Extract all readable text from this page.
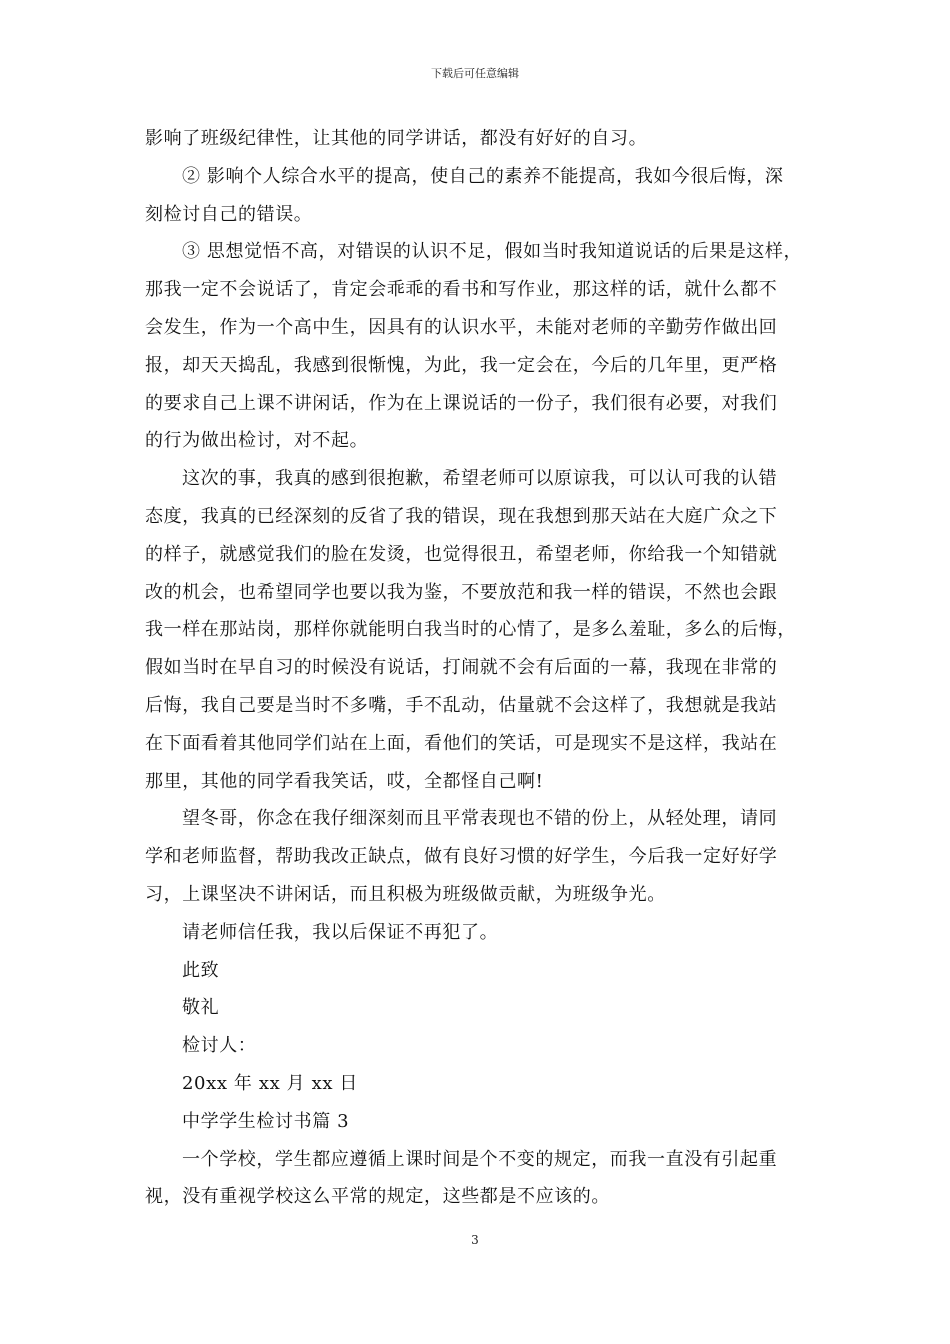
下载后可任意编辑

影响了班级纪律性，让其他的同学讲话，都没有好好的自习。

② 影响个人综合水平的提高，使自己的素养不能提高，我如今很后悔，深

刻检讨自己的错误。

③ 思想觉悟不高，对错误的认识不足，假如当时我知道说话的后果是这样，

那我一定不会说话了，肯定会乖乖的看书和写作业，那这样的话，就什么都不

会发生，作为一个高中生，因具有的认识水平，未能对老师的辛勤劳作做出回

报，却天天捣乱，我感到很惭愧，为此，我一定会在，今后的几年里，更严格

的要求自己上课不讲闲话，作为在上课说话的一份子，我们很有必要，对我们

的行为做出检讨，对不起。

这次的事，我真的感到很抱歉，希望老师可以原谅我，可以认可我的认错

态度，我真的已经深刻的反省了我的错误，现在我想到那天站在大庭广众之下

的样子，就感觉我们的脸在发烫，也觉得很丑，希望老师，你给我一个知错就

改的机会，也希望同学也要以我为鉴，不要放范和我一样的错误，不然也会跟

我一样在那站岗，那样你就能明白我当时的心情了，是多么羞耻，多么的后悔，

假如当时在早自习的时候没有说话，打闹就不会有后面的一幕，我现在非常的

后悔，我自己要是当时不多嘴，手不乱动，估量就不会这样了，我想就是我站

在下面看着其他同学们站在上面，看他们的笑话，可是现实不是这样，我站在

那里，其他的同学看我笑话，哎，全都怪自己啊!

望冬哥，你念在我仔细深刻而且平常表现也不错的份上，从轻处理，请同

学和老师监督，帮助我改正缺点，做有良好习惯的好学生，今后我一定好好学

习，上课坚决不讲闲话，而且积极为班级做贡献，为班级争光。

请老师信任我，我以后保证不再犯了。

此致

敬礼

检讨人：

20xx 年 xx 月 xx 日

中学学生检讨书篇 3

一个学校，学生都应遵循上课时间是个不变的规定，而我一直没有引起重

视，没有重视学校这么平常的规定，这些都是不应该的。

3
